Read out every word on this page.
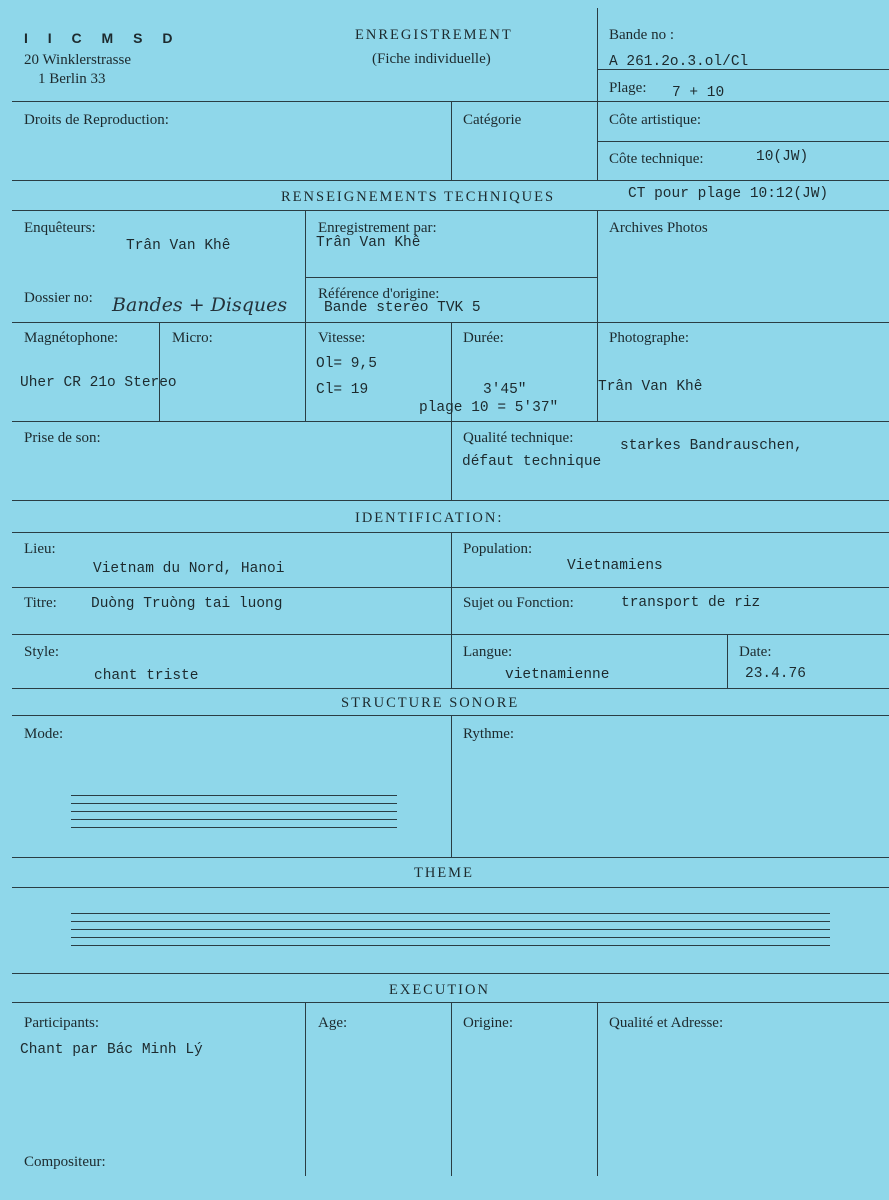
I I C M S D
20 Winklerstrasse
1 Berlin 33
ENREGISTREMENT
(Fiche individuelle)
Bande no :
A 261.2o.3.ol/Cl
Plage: 7 + 10
Droits de Reproduction:	Catégorie	Côte artistique:
Côte technique:	10(JW)
RENSEIGNEMENTS TECHNIQUES	CT pour plage 10:12(JW)
Enquêteurs:
Trân Van Khê
Enregistrement par:
Trân Van Khê
Archives Photos
Dossier no: Bandes + Disques Référence d'origine:
Bande stereo TVK 5
Magnétophone:	Micro:
Uher CR 21o Stereo
Vitesse:
Ol= 9,5
Cl= 19
Durée:
3'45"
plage 10 = 5'37"
Photographe:
Trân Van Khê
Prise de son:	Qualité technique:	starkes Bandrauschen,
défaut technique
IDENTIFICATION:
Lieu:
Vietnam du Nord, Hanoi
Population:
Vietnamiens
Titre: Duòng Truòng tai luong	Sujet ou Fonction:	transport de riz
Style:
chant triste
Langue:
vietnamienne
Date:
23.4.76
STRUCTURE SONORE
Mode:	Rythme:
THEME
EXECUTION
Participants:
Chant par Bác Minh Lý
Age:	Origine:	Qualité et Adresse:
Compositeur:
